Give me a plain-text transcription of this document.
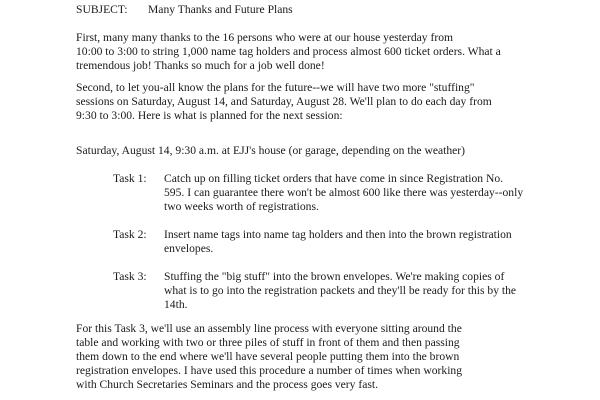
SUBJECT: Many Thanks and Future Plans

First, many many thanks to the 16 persons who were at our house yesterday from
10:00 to 3:00 to string 1,000 name tag holders and process almost 600 ticket orders. What a
tremendous job! Thanks so much for a job well done!

Second, to let you-all know the plans for the future--we will have two more "stuffing"
sessions on Saturday, August 14, and Saturday, August 28. We'll plan to do each day from
9:30 to 3:00. Here is what is planned for the next session:

Saturday, August 14, 9:30 a.m. at EJJ's house (or garage, depending on the weather)
Task 1: Catch up on filling ticket orders that have come in since Registration No.
595. I can guarantee there won't be almost 600 like there was yesterday--only
two weeks worth of registrations.
Task 2: Insert name tags into name tag holders and then into the brown registration
envelopes.
Task 3: Stuffing the "big stuff" into the brown envelopes. We're making copies of
what is to go into the registration packets and they'll be ready for this by the
14th.

For this Task 3, we'll use an assembly line process with everyone sitting around the
table and working with two or three piles of stuff in front of them and then passing
them down to the end where we'll have several people putting them into the brown
registration envelopes. I have used this procedure a number of times when working
with Church Secretaries Seminars and the process goes very fast.
